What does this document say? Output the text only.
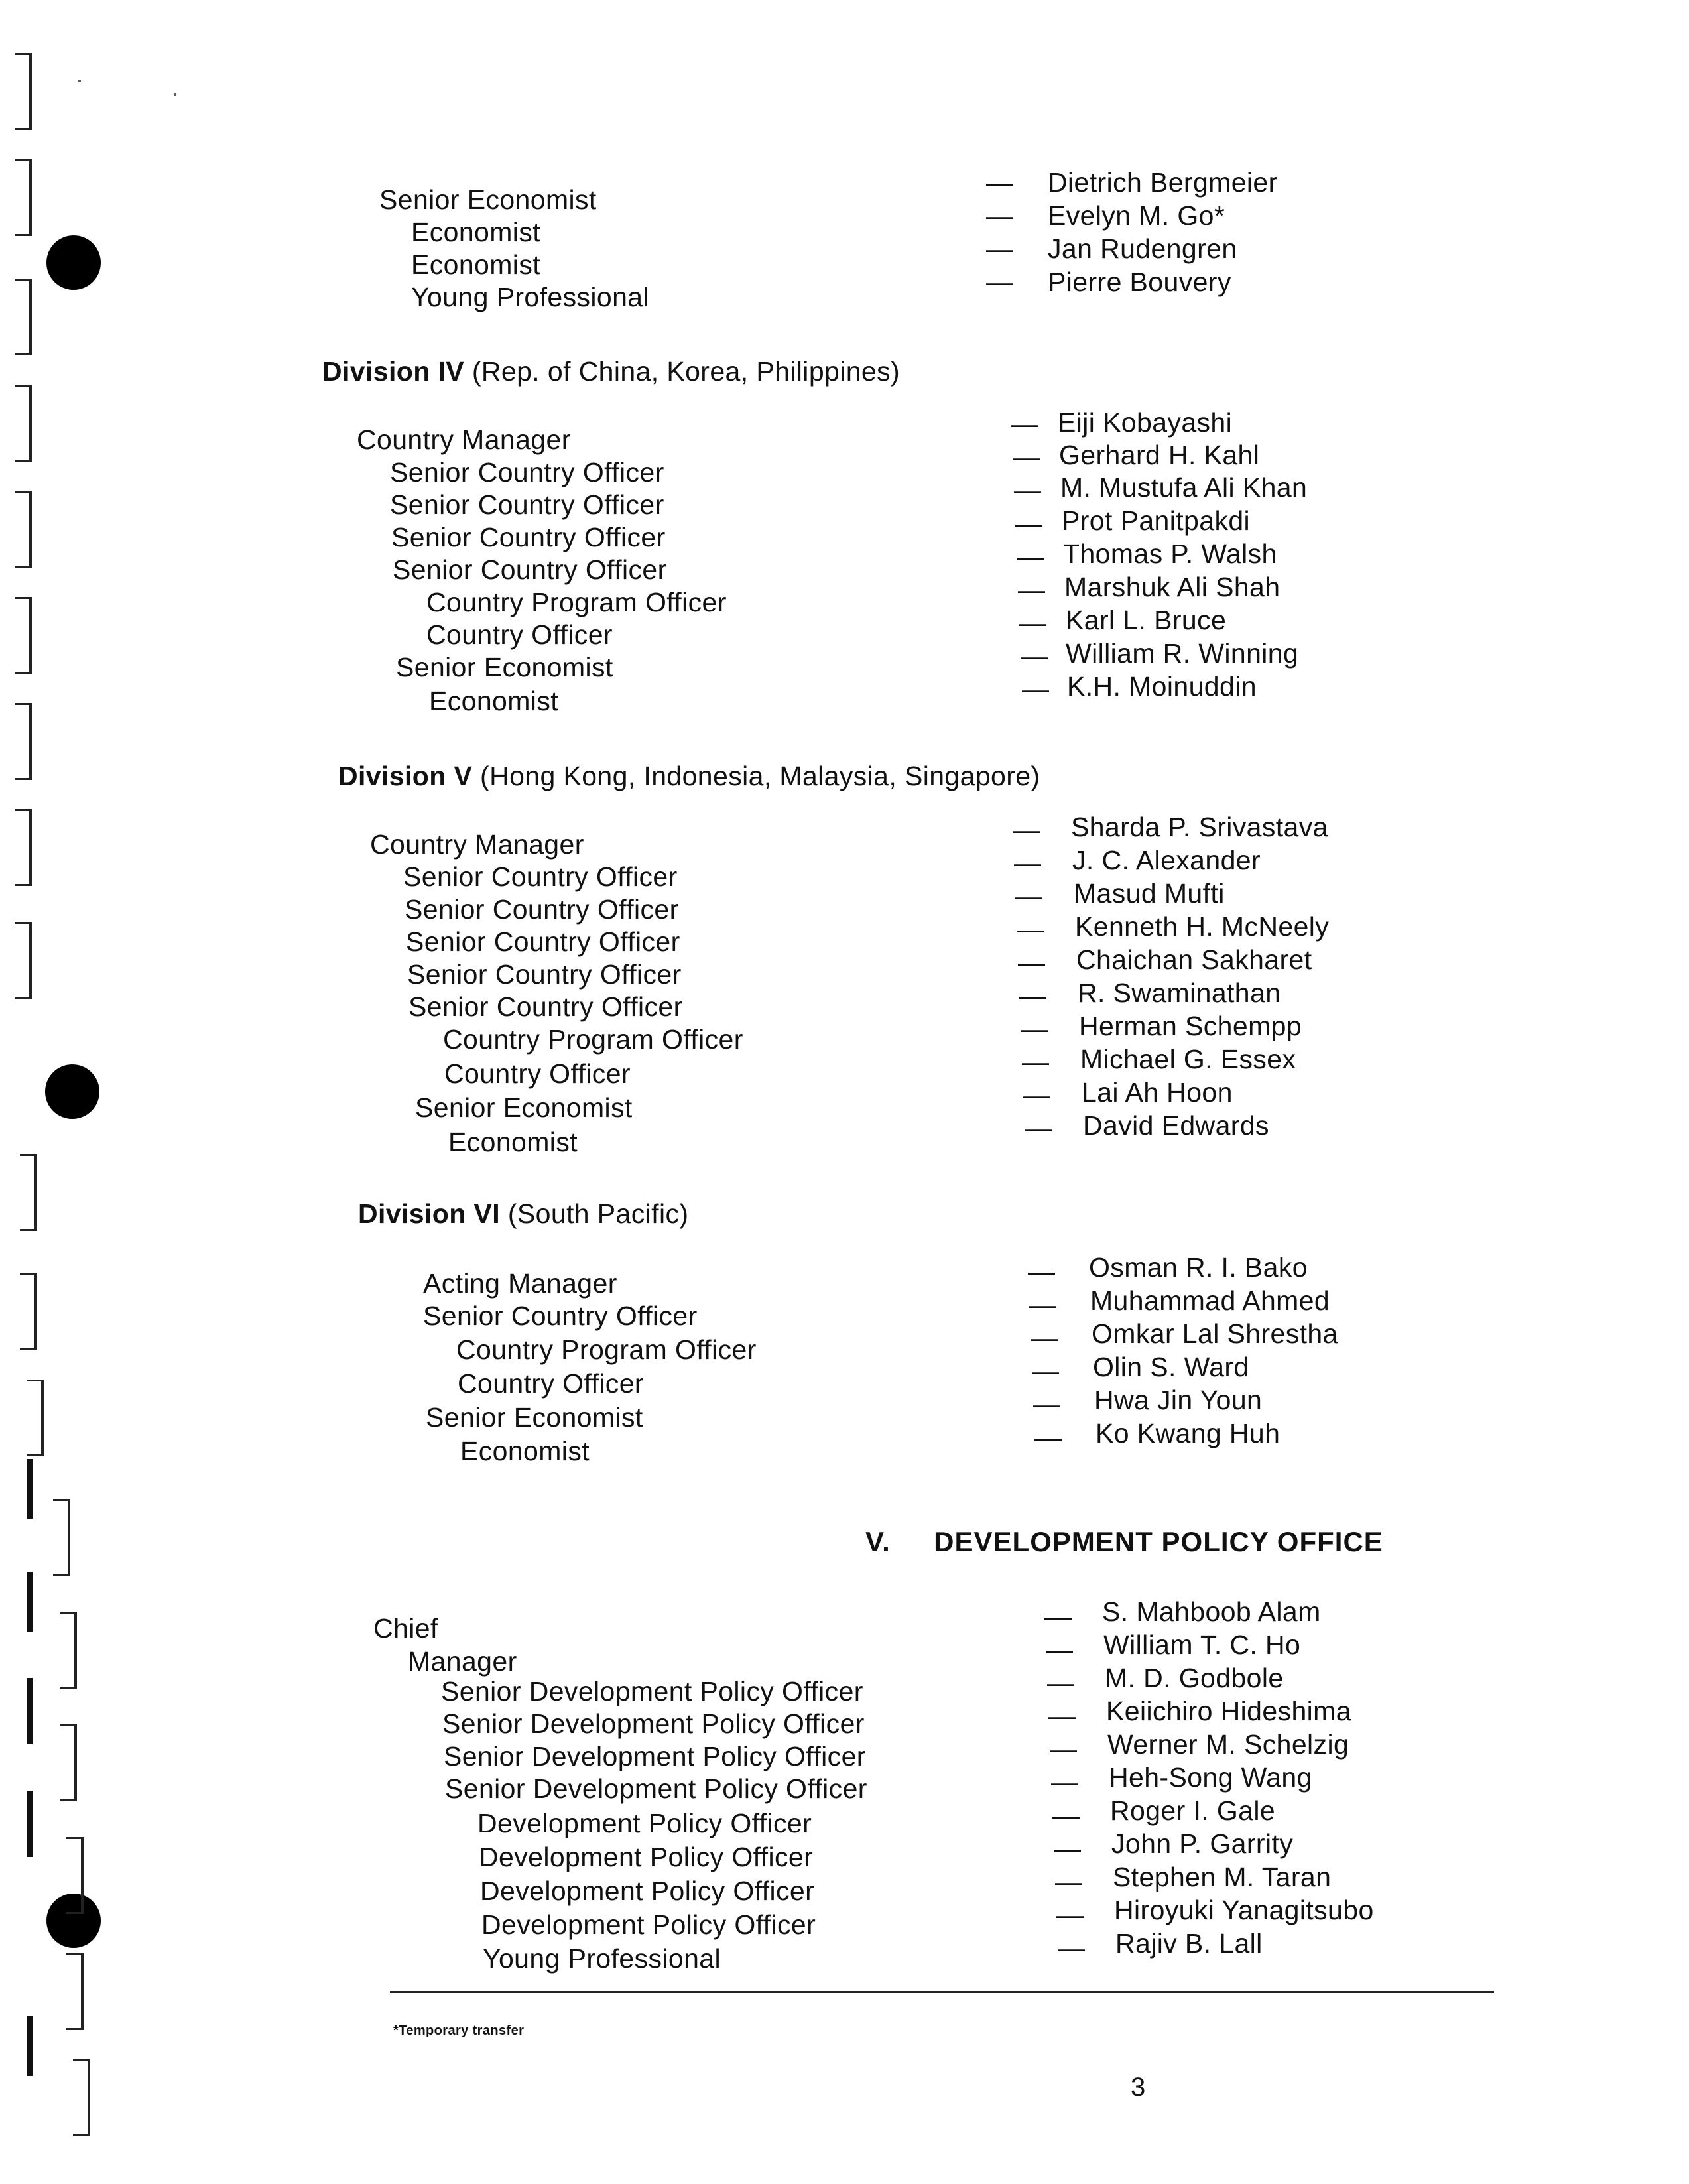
Senior Economist
Economist
Economist
Young Professional
—
—
—
—
Dietrich Bergmeier
Evelyn M. Go*
Jan Rudengren
Pierre Bouvery
Division IV (Rep. of China, Korea, Philippines)
Country Manager
Senior Country Officer
Senior Country Officer
Senior Country Officer
Senior Country Officer
Country Program Officer
Country Officer
Senior Economist
Economist
—
—
—
—
—
—
—
—
—
Eiji Kobayashi
Gerhard H. Kahl
M. Mustufa Ali Khan
Prot Panitpakdi
Thomas P. Walsh
Marshuk Ali Shah
Karl L. Bruce
William R. Winning
K.H. Moinuddin
Division V (Hong Kong, Indonesia, Malaysia, Singapore)
Country Manager
Senior Country Officer
Senior Country Officer
Senior Country Officer
Senior Country Officer
Senior Country Officer
Country Program Officer
Country Officer
Senior Economist
Economist
—
—
—
—
—
—
—
—
—
—
Sharda P. Srivastava
J. C. Alexander
Masud Mufti
Kenneth H. McNeely
Chaichan Sakharet
R. Swaminathan
Herman Schempp
Michael G. Essex
Lai Ah Hoon
David Edwards
Division VI (South Pacific)
Acting Manager
Senior Country Officer
Country Program Officer
Country Officer
Senior Economist
Economist
—
—
—
—
—
—
Osman R. I. Bako
Muhammad Ahmed
Omkar Lal Shrestha
Olin S. Ward
Hwa Jin Youn
Ko Kwang Huh
V. DEVELOPMENT POLICY OFFICE
Chief
Manager
Senior Development Policy Officer
Senior Development Policy Officer
Senior Development Policy Officer
Senior Development Policy Officer
Development Policy Officer
Development Policy Officer
Development Policy Officer
Development Policy Officer
Young Professional
—
—
—
—
—
—
—
—
—
—
—
S. Mahboob Alam
William T. C. Ho
M. D. Godbole
Keiichiro Hideshima
Werner M. Schelzig
Heh-Song Wang
Roger I. Gale
John P. Garrity
Stephen M. Taran
Hiroyuki Yanagitsubo
Rajiv B. Lall
*Temporary transfer
3
